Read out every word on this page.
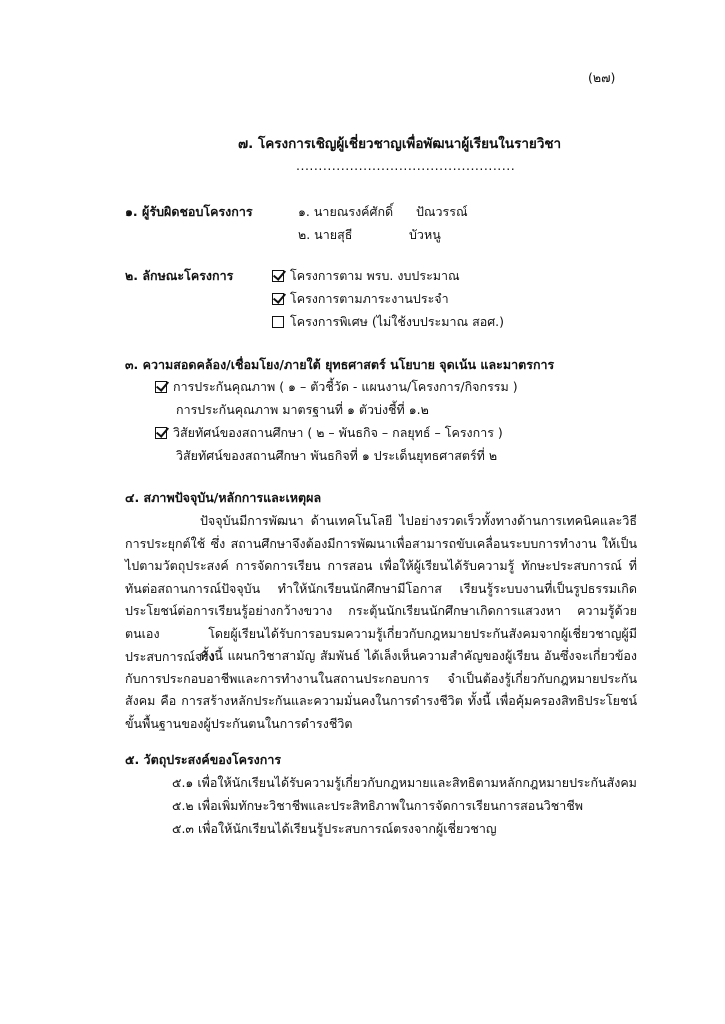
(๒๗)
๗. โครงการเชิญผู้เชี่ยวชาญเพื่อพัฒนาผู้เรียนในรายวิชา
.................................................
๑. ผู้รับผิดชอบโครงการ	๑. นายณรงค์ศักดิ์ ปัณวรรณ์
๒. นายสุธี	บัวหนู
๒. ลักษณะโครงการ	โครงการตาม พรบ. งบประมาณ
โครงการตามภาระงานประจำ
โครงการพิเศษ (ไม่ใช้งบประมาณ สอศ.)
๓. ความสอดคล้อง/เชื่อมโยง/ภายใต้ ยุทธศาสตร์ นโยบาย จุดเน้น และมาตรการ
การประกันคุณภาพ ( ๑ – ตัวชี้วัด - แผนงาน/โครงการ/กิจกรรม )
การประกันคุณภาพ มาตรฐานที่ ๑ ตัวบ่งชี้ที่ ๑.๒
วิสัยทัศน์ของสถานศึกษา ( ๒ – พันธกิจ – กลยุทธ์ – โครงการ )
วิสัยทัศน์ของสถานศึกษา พันธกิจที่ ๑ ประเด็นยุทธศาสตร์ที่ ๒
๔. สภาพปัจจุบัน/หลักการและเหตุผล
ปัจจุบันมีการพัฒนา ด้านเทคโนโลยี ไปอย่างรวดเร็วทั้งทางด้านการเทคนิคและวิธีการประยุกต์ใช้ ซึ่ง สถานศึกษาจึงต้องมีการพัฒนาเพื่อสามารถขับเคลื่อนระบบการทำงาน ให้เป็นไปตามวัตถุประสงค์ การจัดการเรียน การสอน เพื่อให้ผู้เรียนได้รับความรู้ ทักษะประสบการณ์ ที่ทันต่อสถานการณ์ปัจจุบัน ทำให้นักเรียนนักศึกษามีโอกาส เรียนรู้ระบบงานที่เป็นรูปธรรมเกิดประโยชน์ต่อการเรียนรู้อย่างกว้างขวาง กระตุ้นนักเรียนนักศึกษาเกิดการแสวงหา ความรู้ด้วยตนเอง โดยผู้เรียนได้รับการอบรมความรู้เกี่ยวกับกฎหมายประกันสังคมจากผู้เชี่ยวชาญผู้มีประสบการณ์จริง
ทั้งนี้ แผนกวิชาสามัญ สัมพันธ์ ได้เล็งเห็นความสำคัญของผู้เรียน อันซึ่งจะเกี่ยวข้องกับการประกอบอาชีพและการทำงานในสถานประกอบการ จำเป็นต้องรู้เกี่ยวกับกฎหมายประกันสังคม คือ การสร้างหลักประกันและความมั่นคงในการดำรงชีวิต ทั้งนี้ เพื่อคุ้มครองสิทธิประโยชน์ขั้นพื้นฐานของผู้ประกันตนในการดำรงชีวิต
๕. วัตถุประสงค์ของโครงการ
๕.๑ เพื่อให้นักเรียนได้รับความรู้เกี่ยวกับกฎหมายและสิทธิตามหลักกฎหมายประกันสังคม
๕.๒ เพื่อเพิ่มทักษะวิชาชีพและประสิทธิภาพในการจัดการเรียนการสอนวิชาชีพ
๕.๓ เพื่อให้นักเรียนได้เรียนรู้ประสบการณ์ตรงจากผู้เชี่ยวชาญ
